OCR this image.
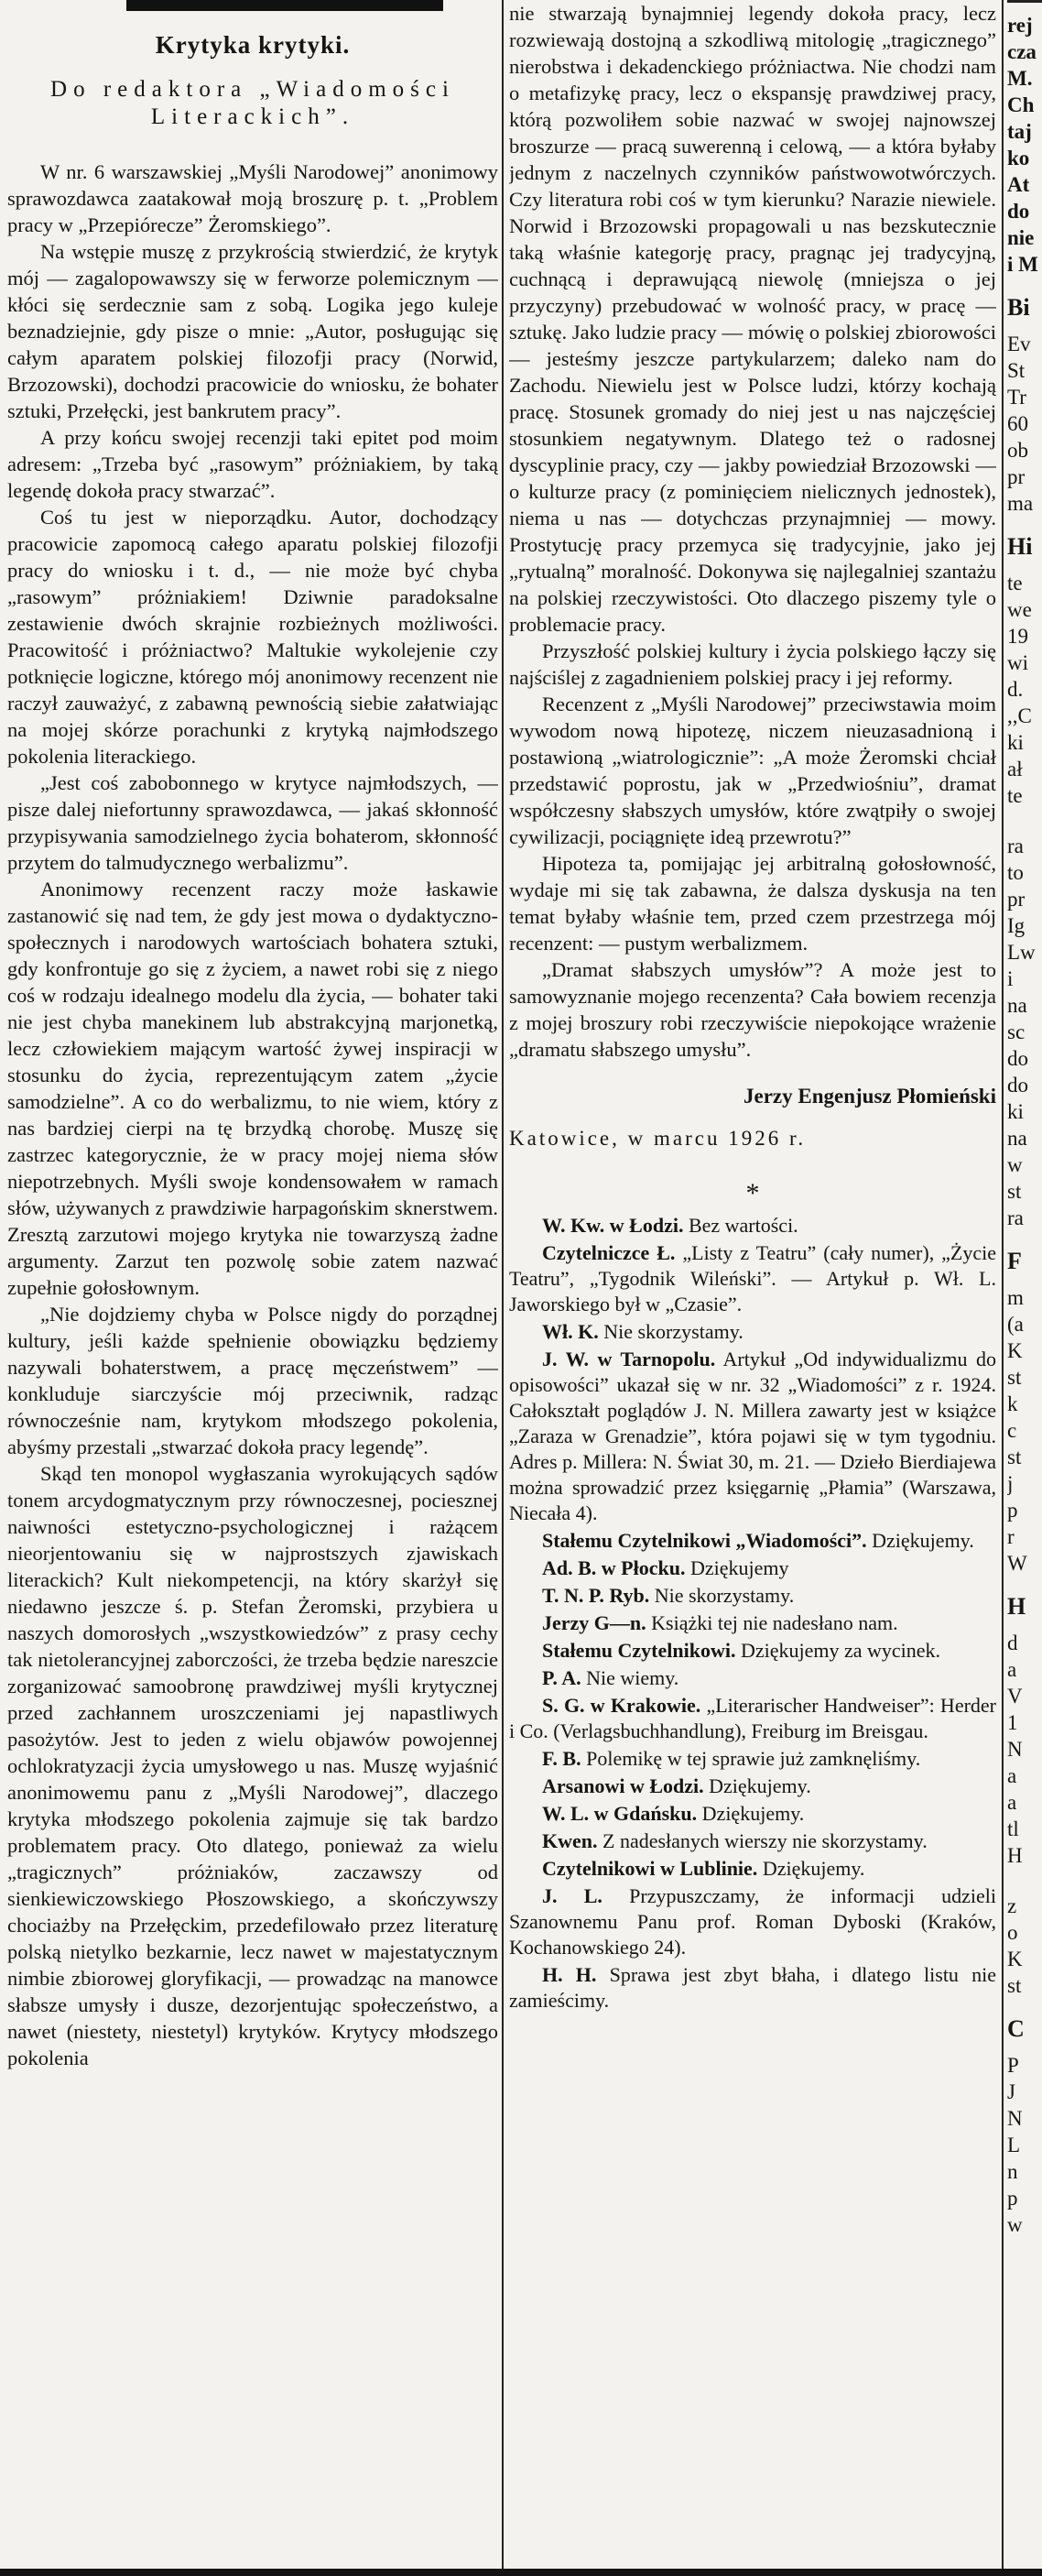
Krytyka krytyki.
Do redaktora „Wiadomości Literackich”.

W nr. 6 warszawskiej „Myśli Narodowej” anonimowy sprawozdawca zaatakował moją broszurę p. t. „Problem pracy w „Przepiórecze” Żeromskiego”.

Na wstępie muszę z przykrością stwierdzić, że krytyk mój — zagalopowawszy się w ferworze polemicznym — kłóci się serdecznie sam z sobą. Logika jego kuleje beznadziejnie, gdy pisze o mnie: „Autor, posługując się całym aparatem polskiej filozofji pracy (Norwid, Brzozowski), dochodzi pracowicie do wniosku, że bohater sztuki, Przełęcki, jest bankrutem pracy”.

A przy końcu swojej recenzji taki epitet pod moim adresem: „Trzeba być „rasowym” próżniakiem, by taką legendę dokoła pracy stwarzać”.

Coś tu jest w nieporządku. Autor, dochodzący pracowicie zapomocą całego aparatu polskiej filozofji pracy do wniosku i t. d., — nie może być chyba „rasowym” próżniakiem! Dziwnie paradoksalne zestawienie dwóch skrajnie rozbieżnych możliwości. Pracowitość i próżniactwo? Maltukie wykolejenie czy potknięcie logiczne, którego mój anonimowy recenzent nie raczył zauważyć, z zabawną pewnością siebie załatwiając na mojej skórze porachunki z krytyką najmłodszego pokolenia literackiego.

„Jest coś zabobonnego w krytyce najmłodszych, — pisze dalej niefortunny sprawozdawca, — jakaś skłonność przypisywania samodzielnego życia bohaterom, skłonność przytem do talmudycznego werbalizmu”.

Anonimowy recenzent raczy może łaskawie zastanowić się nad tem, że gdy jest mowa o dydaktyczno-społecznych i narodowych wartościach bohatera sztuki, gdy konfrontuje go się z życiem, a nawet robi się z niego coś w rodzaju idealnego modelu dla życia, — bohater taki nie jest chyba manekinem lub abstrakcyjną marjonetką, lecz człowiekiem mającym wartość żywej inspiracji w stosunku do życia, reprezentującym zatem „życie samodzielne”. A co do werbalizmu, to nie wiem, który z nas bardziej cierpi na tę brzydką chorobę. Muszę się zastrzec kategorycznie, że w pracy mojej niema słów niepotrzebnych. Myśli swoje kondensowałem w ramach słów, używanych z prawdziwie harpagońskim sknerstwem. Zresztą zarzutowi mojego krytyka nie towarzyszą żadne argumenty. Zarzut ten pozwolę sobie zatem nazwać zupełnie gołosłownym.

„Nie dojdziemy chyba w Polsce nigdy do porządnej kultury, jeśli każde spełnienie obowiązku będziemy nazywali bohaterstwem, a pracę męczeństwem” — konkluduje siarczyście mój przeciwnik, radząc równocześnie nam, krytykom młodszego pokolenia, abyśmy przestali „stwarzać dokoła pracy legendę”.

Skąd ten monopol wygłaszania wyrokujących sądów tonem arcydogmatycznym przy równoczesnej, pociesznej naiwności estetyczno-psychologicznej i rażącem nieorjentowaniu się w najprostszych zjawiskach literackich? Kult niekompetencji, na który skarżył się niedawno jeszcze ś. p. Stefan Żeromski, przybiera u naszych domorosłych „wszystkowiedzów” z prasy cechy tak nietolerancyjnej zaborczości, że trzeba będzie nareszcie zorganizować samoobronę prawdziwej myśli krytycznej przed zachłannem uroszczeniami jej napastliwych pasożytów. Jest to jeden z wielu objawów powojennej ochlokratyzacji życia umysłowego u nas. Muszę wyjaśnić anonimowemu panu z „Myśli Narodowej”, dlaczego krytyka młodszego pokolenia zajmuje się tak bardzo problematem pracy. Oto dlatego, ponieważ za wielu „tragicznych” próżniaków, zaczawszy od sienkiewiczowskiego Płoszowskiego, a skończywszy chociażby na Przełęckim, przedefilowało przez literaturę polską nietylko bezkarnie, lecz nawet w majestatycznym nimbie zbiorowej gloryfikacji, — prowadząc na manowce słabsze umysły i dusze, dezorjentując społeczeństwo, a nawet (niestety, niestetyl) krytyków. Krytycy młodszego pokolenia

nie stwarzają bynajmniej legendy dokoła pracy, lecz rozwiewają dostojną a szkodliwą mitologię „tragicznego” nierobstwa i dekadenckiego próżniactwa. Nie chodzi nam o metafizykę pracy, lecz o ekspansję prawdziwej pracy, którą pozwoliłem sobie nazwać w swojej najnowszej broszurze — pracą suwerenną i celową, — a która byłaby jednym z naczelnych czynników państwowotwórczych. Czy literatura robi coś w tym kierunku? Narazie niewiele. Norwid i Brzozowski propagowali u nas bezskutecznie taką właśnie kategorję pracy, pragnąc jej tradycyjną, cuchnącą i deprawującą niewolę (mniejsza o jej przyczyny) przebudować w wolność pracy, w pracę — sztukę. Jako ludzie pracy — mówię o polskiej zbiorowości — jesteśmy jeszcze partykularzem; daleko nam do Zachodu. Niewielu jest w Polsce ludzi, którzy kochają pracę. Stosunek gromady do niej jest u nas najczęściej stosunkiem negatywnym. Dlatego też o radosnej dyscyplinie pracy, czy — jakby powiedział Brzozowski — o kulturze pracy (z pominięciem nielicznych jednostek), niema u nas — dotychczas przynajmniej — mowy. Prostytucję pracy przemyca się tradycyjnie, jako jej „rytualną” moralność. Dokonywa się najlegalniej szantażu na polskiej rzeczywistości. Oto dlaczego piszemy tyle o problemacie pracy.

Przyszłość polskiej kultury i życia polskiego łączy się najściślej z zagadnieniem polskiej pracy i jej reformy.

Recenzent z „Myśli Narodowej” przeciwstawia moim wywodom nową hipotezę, niczem nieuzasadnioną i postawioną „wiatrologicznie”: „A może Żeromski chciał przedstawić poprostu, jak w „Przedwiośniu”, dramat współczesny słabszych umysłów, które zwątpiły o swojej cywilizacji, pociągnięte ideą przewrotu?”

Hipoteza ta, pomijając jej arbitralną gołosłowność, wydaje mi się tak zabawna, że dalsza dyskusja na ten temat byłaby właśnie tem, przed czem przestrzega mój recenzent: — pustym werbalizmem.

„Dramat słabszych umysłów”? A może jest to samowyznanie mojego recenzenta? Cała bowiem recenzja z mojej broszury robi rzeczywiście niepokojące wrażenie „dramatu słabszego umysłu”.

Jerzy Engenjusz Płomieński
Katowice, w marcu 1926 r.
*

W. Kw. w Łodzi. Bez wartości.

Czytelniczce Ł. „Listy z Teatru” (cały numer), „Życie Teatru”, „Tygodnik Wileński”. — Artykuł p. Wł. L. Jaworskiego był w „Czasie”.

Wł. K. Nie skorzystamy.

J. W. w Tarnopolu. Artykuł „Od indywidualizmu do opisowości” ukazał się w nr. 32 „Wiadomości” z r. 1924. Całokształt poglądów J. N. Millera zawarty jest w książce „Zaraza w Grenadzie”, która pojawi się w tym tygodniu. Adres p. Millera: N. Świat 30, m. 21. — Dzieło Bierdiajewa można sprowadzić przez księgarnię „Płamia” (Warszawa, Niecała 4).

Stałemu Czytelnikowi „Wiadomości”. Dziękujemy.

Ad. B. w Płocku. Dziękujemy

T. N. P. Ryb. Nie skorzystamy.

Jerzy G—n. Książki tej nie nadesłano nam.

Stałemu Czytelnikowi. Dziękujemy za wycinek.

P. A. Nie wiemy.

S. G. w Krakowie. „Literarischer Handweiser”: Herder i Co. (Verlagsbuchhandlung), Freiburg im Breisgau.

F. B. Polemikę w tej sprawie już zamknęliśmy.

Arsanowi w Łodzi. Dziękujemy.

W. L. w Gdańsku. Dziękujemy.

Kwen. Z nadesłanych wierszy nie skorzystamy.

Czytelnikowi w Lublinie. Dziękujemy.

J. L. Przypuszczamy, że informacji udzieli Szanownemu Panu prof. Roman Dyboski (Kraków, Kochanowskiego 24).

H. H. Sprawa jest zbyt błaha, i dlatego listu nie zamieścimy.

rej
cza
M.
Ch
taj
ko
At
do
nie
i M
Bi
Ev
St
Tr
60
ob
pr
ma
Hi
te
we
19
wi
d.
,,C
ki
ał
te
ra
to
pr
Ig
Lw
i
na
sc
do
do
ki
na
w
st
ra
F
m
(a
K
st
k
c
st
j
p
r
W
H
d
a
V
1
N
a
a
tl
H
z
o
K
st
C
P
J
N
L
n
p
w
